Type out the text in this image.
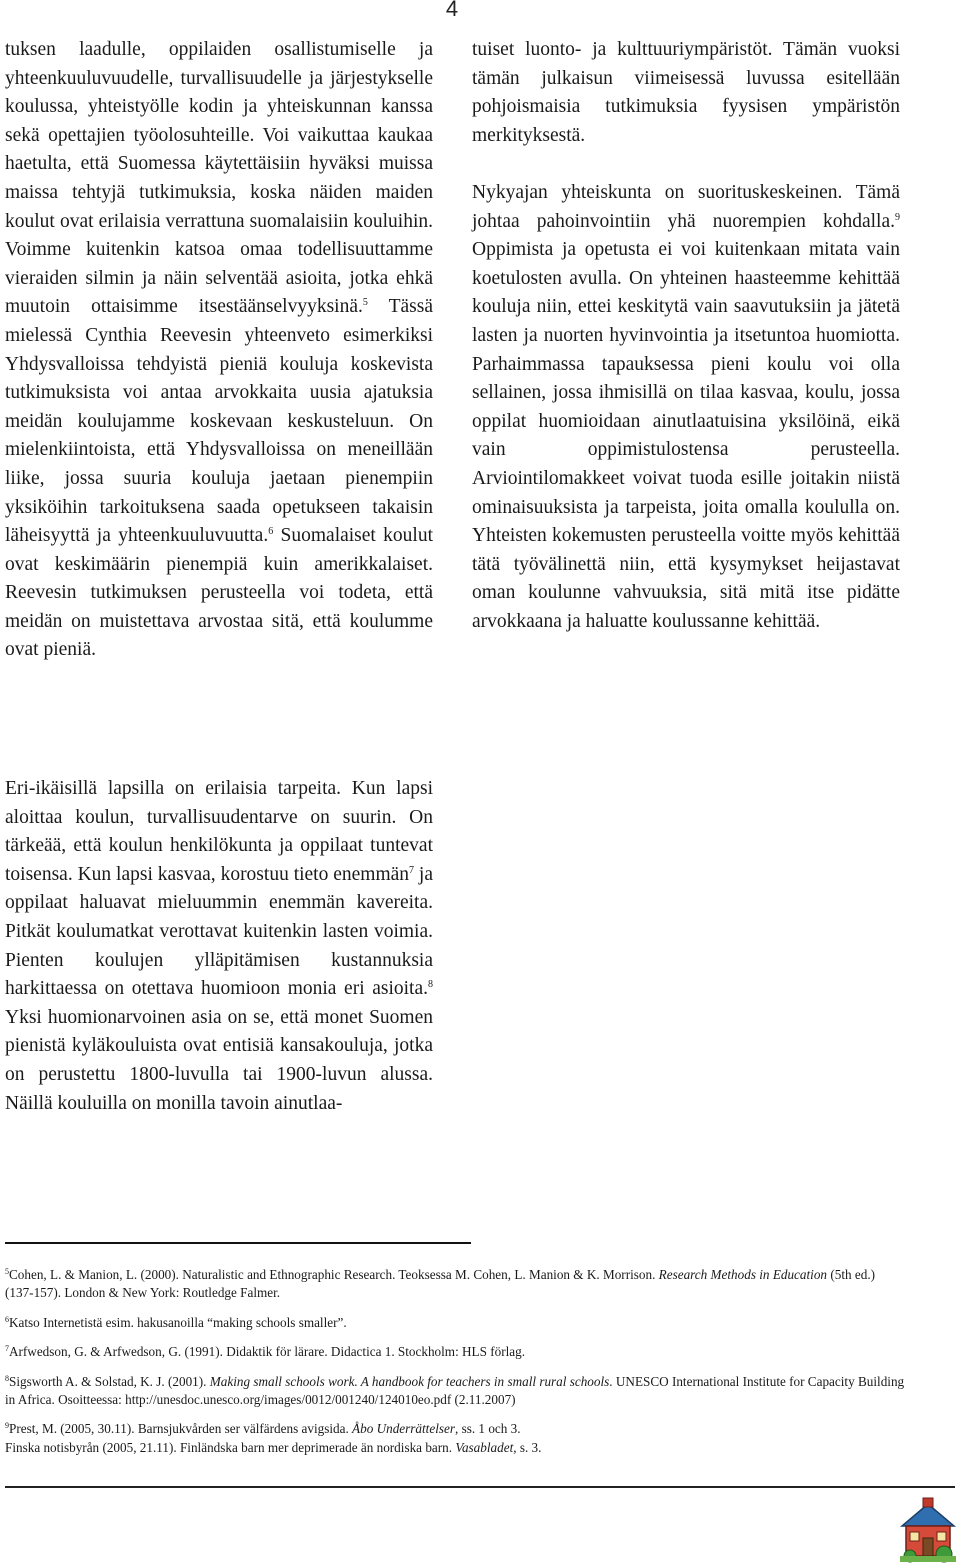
4

tuksen laadulle, oppilaiden osallistumiselle ja yhteenkuuluvuudelle, turvallisuudelle ja järjestykselle koulussa, yhteistyölle kodin ja yhteiskunnan kanssa sekä opettajien työolosuhteille. Voi vaikuttaa kaukaa haetulta, että Suomessa käytettäisiin hyväksi muissa maissa tehtyjä tutkimuksia, koska näiden maiden koulut ovat erilaisia verrattuna suomalaisiin kouluihin. Voimme kuitenkin katsoa omaa todellisuuttamme vieraiden silmin ja näin selventää asioita, jotka ehkä muutoin ottaisimme itsestäänselvyyksinä.$^5$ Tässä mielessä Cynthia Reevesin yhteenveto esimerkiksi Yhdysvalloissa tehdyistä pieniä kouluja koskevista tutkimuksista voi antaa arvokkaita uusia ajatuksia meidän koulujamme koskevaan keskusteluun. On mielenkiintoista, että Yhdysvalloissa on meneillään liike, jossa suuria kouluja jaetaan pienempiin yksiköihin tarkoituksena saada opetukseen takaisin läheisyyttä ja yhteenkuuluvuutta.$^6$ Suomalaiset koulut ovat keskimäärin pienempiä kuin amerikkalaiset. Reevesin tutkimuksen perusteella voi todeta, että meidän on muistettava arvostaa sitä, että koulumme ovat pieniä.

Eri-ikäisillä lapsilla on erilaisia tarpeita. Kun lapsi aloittaa koulun, turvallisuudentarve on suurin. On tärkeää, että koulun henkilökunta ja oppilaat tuntevat toisensa. Kun lapsi kasvaa, korostuu tieto enemmän$^7$ ja oppilaat haluavat mieluummin enemmän kavereita. Pitkät koulumatkat verottavat kuitenkin lasten voimia. Pienten koulujen ylläpitämisen kustannuksia harkittaessa on otettava huomioon monia eri asioita.$^8$ Yksi huomionarvoinen asia on se, että monet Suomen pienistä kyläkouluista ovat entisiä kansakouluja, jotka on perustettu 1800-luvulla tai 1900-luvun alussa. Näillä kouluilla on monilla tavoin ainutlaa-

tuiset luonto- ja kulttuuriympäristöt. Tämän vuoksi tämän julkaisun viimeisessä luvussa esitellään pohjoismaisia tutkimuksia fyysisen ympäristön merkityksestä.

Nykyajan yhteiskunta on suorituskeskeinen. Tämä johtaa pahoinvointiin yhä nuorempien kohdalla.$^9$ Oppimista ja opetusta ei voi kuitenkaan mitata vain koetulosten avulla. On yhteinen haasteemme kehittää kouluja niin, ettei keskitytä vain saavutuksiin ja jätetä lasten ja nuorten hyvinvointia ja itsetuntoa huomiotta. Parhaimmassa tapauksessa pieni koulu voi olla sellainen, jossa ihmisillä on tilaa kasvaa, koulu, jossa oppilat huomioidaan ainutlaatuisina yksilöinä, eikä vain oppimistulostensa perusteella. Arviointilomakkeet voivat tuoda esille joitakin niistä ominaisuuksista ja tarpeista, joita omalla koululla on. Yhteisten kokemusten perusteella voitte myös kehittää tätä työvälinettä niin, että kysymykset heijastavat oman koulunne vahvuuksia, sitä mitä itse pidätte arvokkaana ja haluatte koulussanne kehittää.

$^5$Cohen, L. & Manion, L. (2000). Naturalistic and Ethnographic Research. Teoksessa M. Cohen, L. Manion & K. Morrison. Research Methods in Education (5th ed.) (137-157). London & New York: Routledge Falmer.

$^6$Katso Internetistä esim. hakusanoilla “making schools smaller”.

$^7$Arfwedson, G. & Arfwedson, G. (1991). Didaktik för lärare. Didactica 1. Stockholm: HLS förlag.

$^8$Sigsworth A. & Solstad, K. J. (2001). Making small schools work. A handbook for teachers in small rural schools. UNESCO International Institute for Capacity Building in Africa. Osoitteessa: http://unesdoc.unesco.org/images/0012/001240/124010eo.pdf (2.11.2007)

$^9$Prest, M. (2005, 30.11). Barnsjukvården ser välfärdens avigsida. Åbo Underrättelser, ss. 1 och 3.

Finska notisbyrån (2005, 21.11). Finländska barn mer deprimerade än nordiska barn. Vasabladet, s. 3.
